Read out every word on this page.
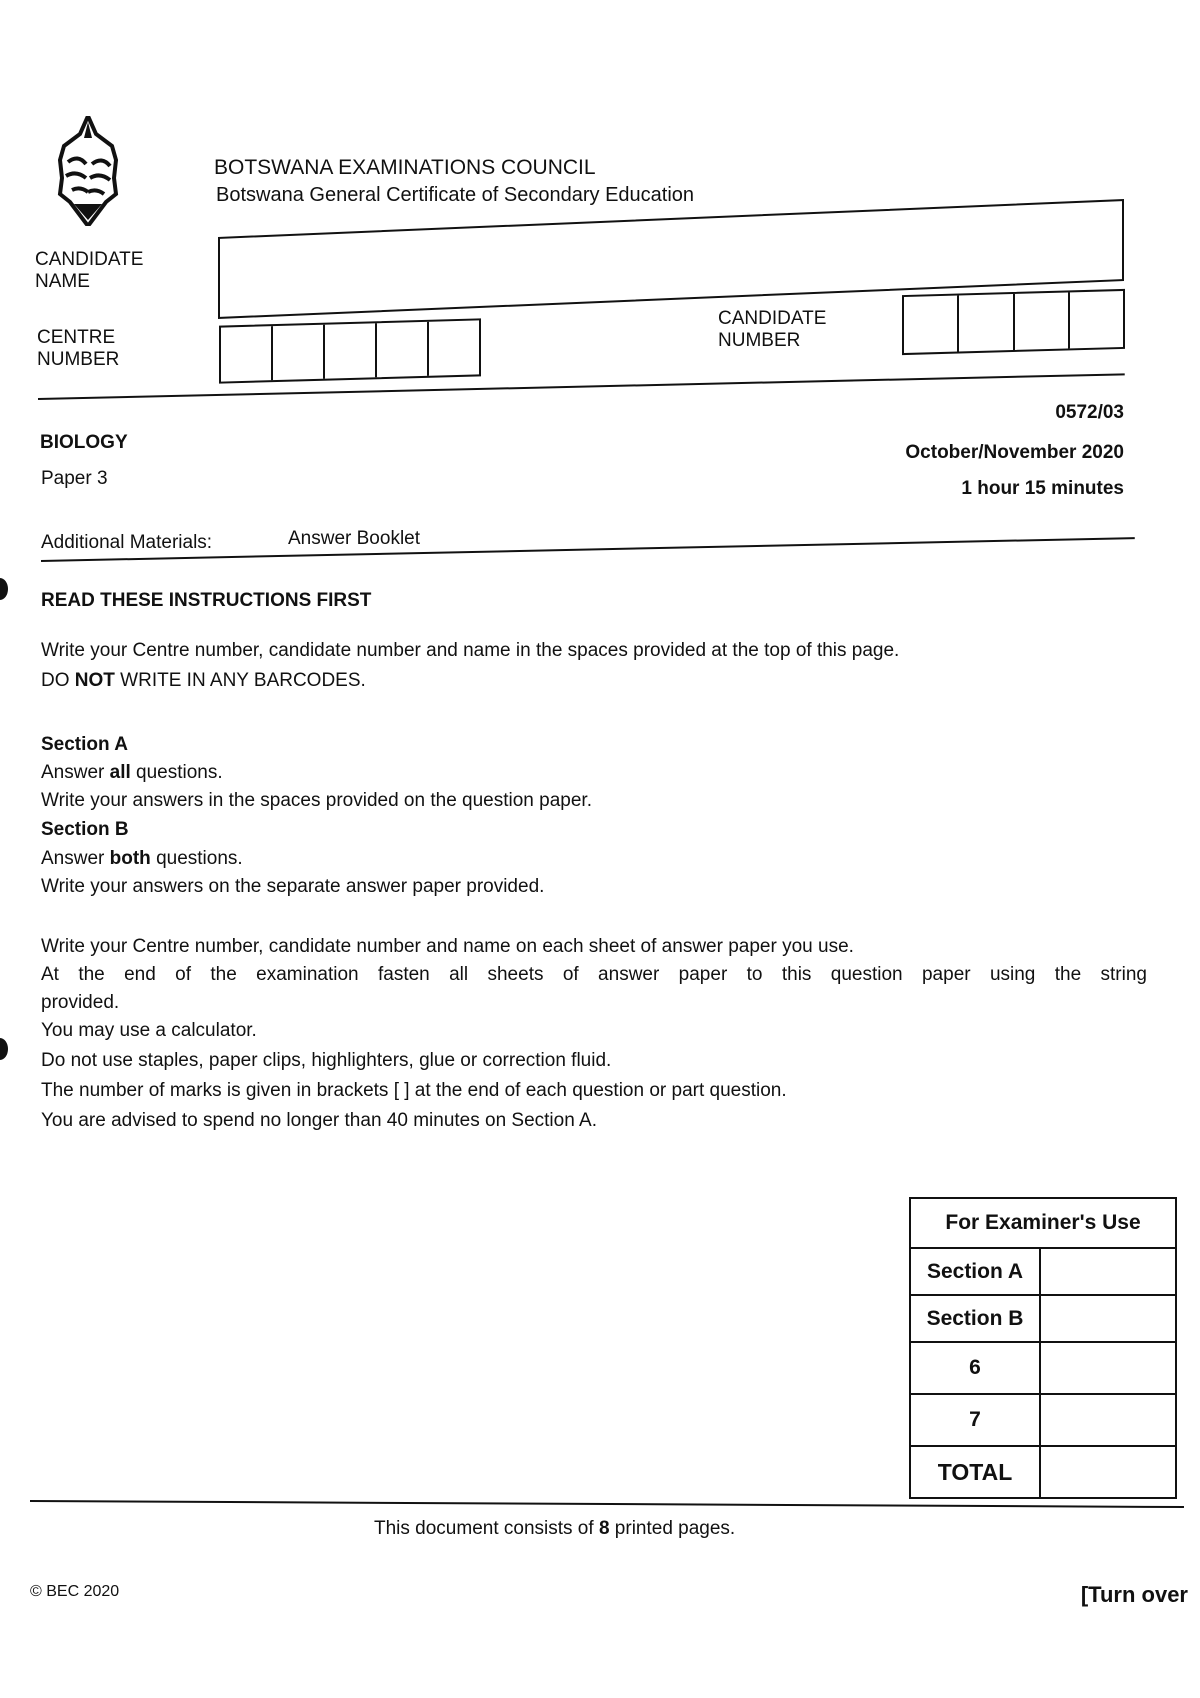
BOTSWANA EXAMINATIONS COUNCIL
Botswana General Certificate of Secondary Education
CANDIDATE
NAME
CENTRE
NUMBER
CANDIDATE
NUMBER
0572/03
BIOLOGY	October/November 2020
Paper 3	1 hour 15 minutes
Additional Materials:	Answer Booklet
READ THESE INSTRUCTIONS FIRST
Write your Centre number, candidate number and name in the spaces provided at the top of this page.
DO NOT WRITE IN ANY BARCODES.
Section A
Answer all questions.
Write your answers in the spaces provided on the question paper.
Section B
Answer both questions.
Write your answers on the separate answer paper provided.
Write your Centre number, candidate number and name on each sheet of answer paper you use.
At the end of the examination fasten all sheets of answer paper to this question paper using the string
provided.
You may use a calculator.
Do not use staples, paper clips, highlighters, glue or correction fluid.
The number of marks is given in brackets [ ] at the end of each question or part question.
You are advised to spend no longer than 40 minutes on Section A.
For Examiner's Use	
Section A	
Section B	
6	
7	
TOTAL	
This document consists of 8 printed pages.
© BEC 2020	[Turn over
